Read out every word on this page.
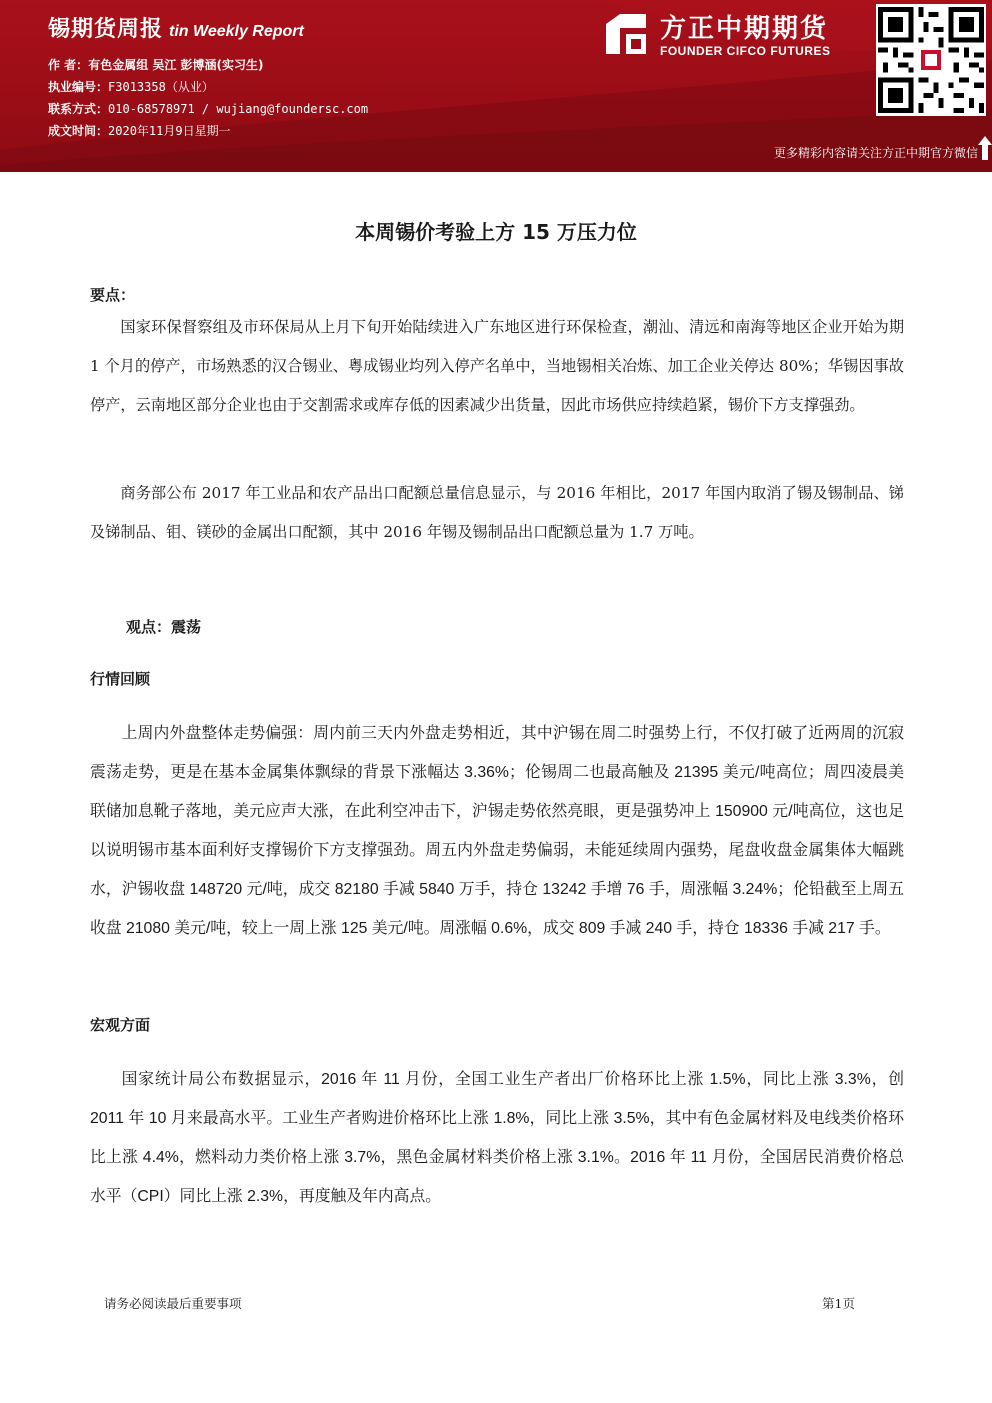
锡期货周报 tin Weekly Report
作 者：有色金属组 吴江 彭博涵(实习生)
执业编号：F3013358（从业）
联系方式：010-68578971 / wujiang@foundersc.com
成文时间：2020年11月9日星期一
方正中期期货
FOUNDER CIFCO FUTURES
更多精彩内容请关注方正中期官方微信
本周锡价考验上方 15 万压力位
要点：
国家环保督察组及市环保局从上月下旬开始陆续进入广东地区进行环保检查，潮汕、清远和南海等地区企业开始为期 1 个月的停产，市场熟悉的汉合锡业、粤成锡业均列入停产名单中，当地锡相关冶炼、加工企业关停达 80%；华锡因事故停产，云南地区部分企业也由于交割需求或库存低的因素减少出货量，因此市场供应持续趋紧，锡价下方支撑强劲。
商务部公布 2017 年工业品和农产品出口配额总量信息显示，与 2016 年相比，2017 年国内取消了锡及锡制品、锑及锑制品、钼、镁砂的金属出口配额，其中 2016 年锡及锡制品出口配额总量为 1.7 万吨。
观点：震荡
行情回顾
上周内外盘整体走势偏强：周内前三天内外盘走势相近，其中沪锡在周二时强势上行，不仅打破了近两周的沉寂震荡走势，更是在基本金属集体飘绿的背景下涨幅达 3.36%；伦锡周二也最高触及 21395 美元/吨高位；周四凌晨美联储加息靴子落地，美元应声大涨，在此利空冲击下，沪锡走势依然亮眼，更是强势冲上 150900 元/吨高位，这也足以说明锡市基本面利好支撑锡价下方支撑强劲。周五内外盘走势偏弱，未能延续周内强势，尾盘收盘金属集体大幅跳水，沪锡收盘 148720 元/吨，成交 82180 手减 5840 万手，持仓 13242 手增 76 手，周涨幅 3.24%；伦铅截至上周五收盘 21080 美元/吨，较上一周上涨 125 美元/吨。周涨幅 0.6%，成交 809 手减 240 手，持仓 18336 手减 217 手。
宏观方面
国家统计局公布数据显示，2016 年 11 月份，全国工业生产者出厂价格环比上涨 1.5%，同比上涨 3.3%，创 2011 年 10 月来最高水平。工业生产者购进价格环比上涨 1.8%，同比上涨 3.5%，其中有色金属材料及电线类价格环比上涨 4.4%，燃料动力类价格上涨 3.7%，黑色金属材料类价格上涨 3.1%。2016 年 11 月份，全国居民消费价格总水平（CPI）同比上涨 2.3%，再度触及年内高点。
请务必阅读最后重要事项	第1页
